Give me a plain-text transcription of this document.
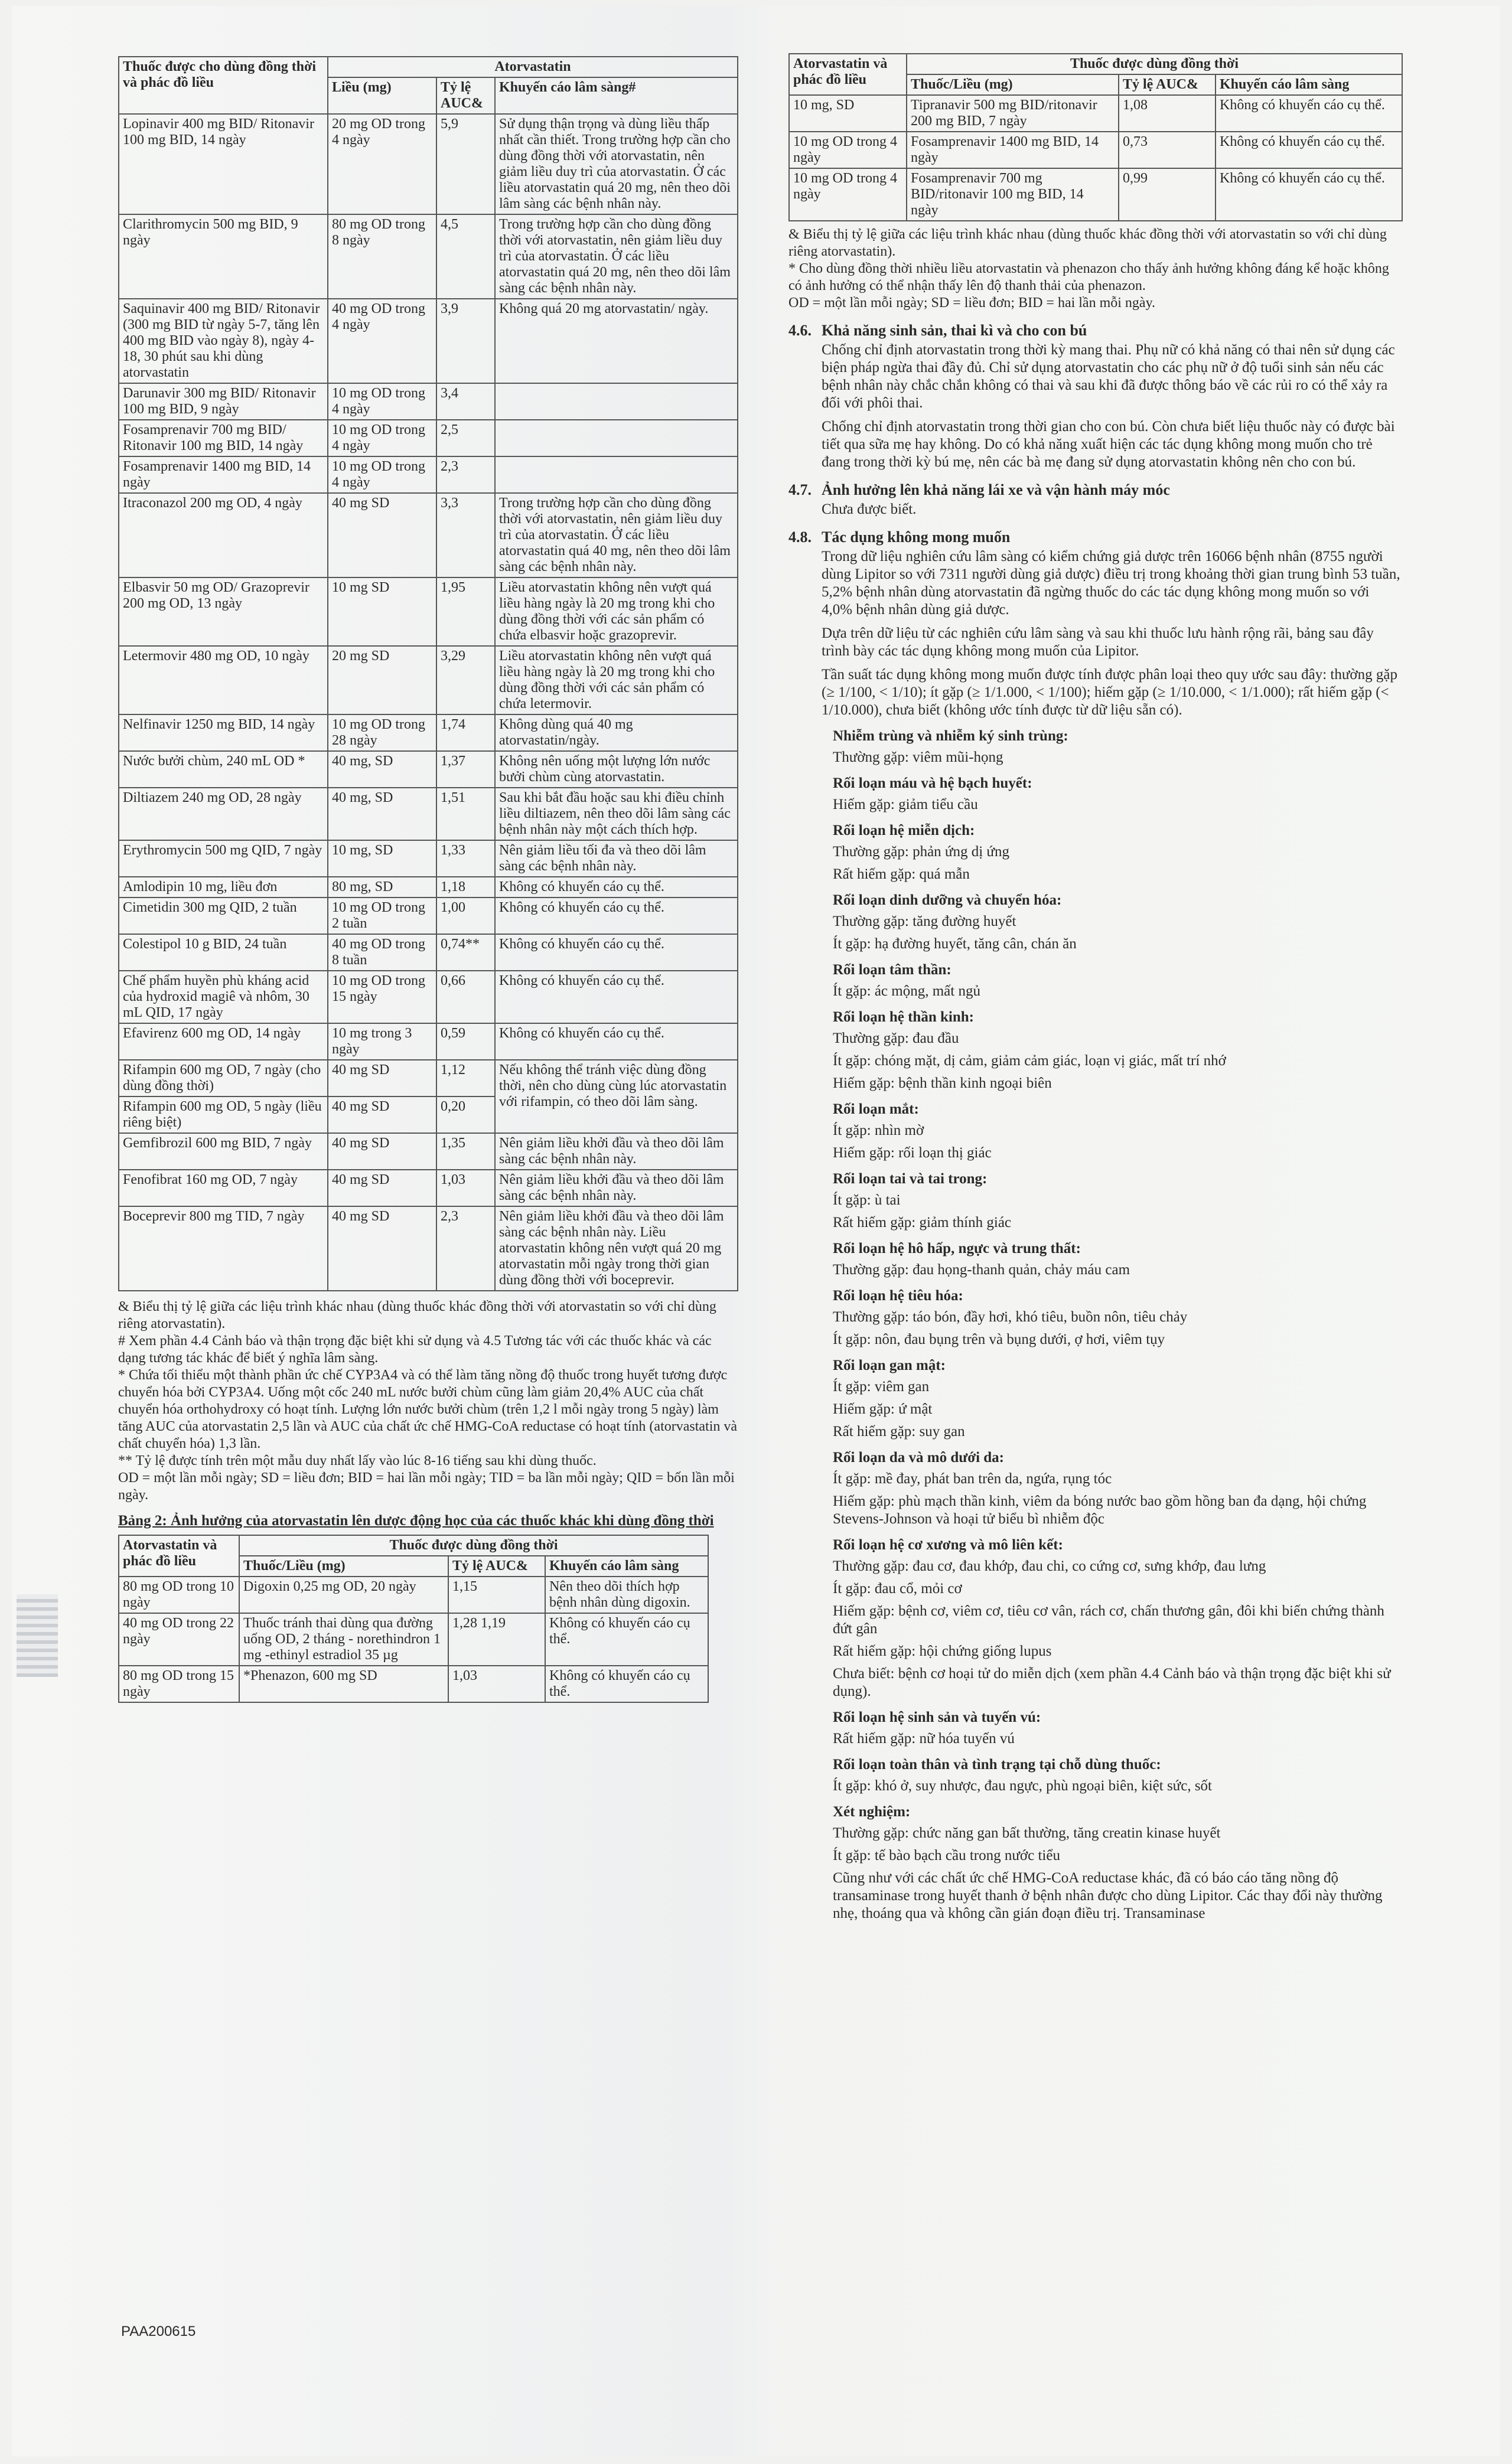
Thuốc được cho dùng đồng thời và phác đồ liều	Atorvastatin		
	Liều (mg)	Tỷ lệ AUC&	Khuyến cáo lâm sàng#
Lopinavir 400 mg BID/ Ritonavir 100 mg BID, 14 ngày	20 mg OD trong 4 ngày	5,9	Sử dụng thận trọng và dùng liều thấp nhất cần thiết. Trong trường hợp cần cho dùng đồng thời với atorvastatin, nên giảm liều duy trì của atorvastatin. Ở các liều atorvastatin quá 20 mg, nên theo dõi lâm sàng các bệnh nhân này.
Clarithromycin 500 mg BID, 9 ngày	80 mg OD trong 8 ngày	4,5	Trong trường hợp cần cho dùng đồng thời với atorvastatin, nên giảm liều duy trì của atorvastatin. Ở các liều atorvastatin quá 20 mg, nên theo dõi lâm sàng các bệnh nhân này.
Saquinavir 400 mg BID/ Ritonavir (300 mg BID từ ngày 5-7, tăng lên 400 mg BID vào ngày 8), ngày 4-18, 30 phút sau khi dùng atorvastatin	40 mg OD trong 4 ngày	3,9	Không quá 20 mg atorvastatin/ ngày.
Darunavir 300 mg BID/ Ritonavir 100 mg BID, 9 ngày	10 mg OD trong 4 ngày	3,4	
Fosamprenavir 700 mg BID/ Ritonavir 100 mg BID, 14 ngày	10 mg OD trong 4 ngày	2,5	
Fosamprenavir 1400 mg BID, 14 ngày	10 mg OD trong 4 ngày	2,3	
Itraconazol 200 mg OD, 4 ngày	40 mg SD	3,3	Trong trường hợp cần cho dùng đồng thời với atorvastatin, nên giảm liều duy trì của atorvastatin. Ở các liều atorvastatin quá 40 mg, nên theo dõi lâm sàng các bệnh nhân này.
Elbasvir 50 mg OD/ Grazoprevir 200 mg OD, 13 ngày	10 mg SD	1,95	Liều atorvastatin không nên vượt quá liều hàng ngày là 20 mg trong khi cho dùng đồng thời với các sản phẩm có chứa elbasvir hoặc grazoprevir.
Letermovir 480 mg OD, 10 ngày	20 mg SD	3,29	Liều atorvastatin không nên vượt quá liều hàng ngày là 20 mg trong khi cho dùng đồng thời với các sản phẩm có chứa letermovir.
Nelfinavir 1250 mg BID, 14 ngày	10 mg OD trong 28 ngày	1,74	Không dùng quá 40 mg atorvastatin/ngày.
Nước bưởi chùm, 240 mL OD *	40 mg, SD	1,37	Không nên uống một lượng lớn nước bưởi chùm cùng atorvastatin.
Diltiazem 240 mg OD, 28 ngày	40 mg, SD	1,51	Sau khi bắt đầu hoặc sau khi điều chỉnh liều diltiazem, nên theo dõi lâm sàng các bệnh nhân này một cách thích hợp.
Erythromycin 500 mg QID, 7 ngày	10 mg, SD	1,33	Nên giảm liều tối đa và theo dõi lâm sàng các bệnh nhân này.
Amlodipin 10 mg, liều đơn	80 mg, SD	1,18	Không có khuyến cáo cụ thể.
Cimetidin 300 mg QID, 2 tuần	10 mg OD trong 2 tuần	1,00	Không có khuyến cáo cụ thể.
Colestipol 10 g BID, 24 tuần	40 mg OD trong 8 tuần	0,74**	Không có khuyến cáo cụ thể.
Chế phẩm huyền phù kháng acid của hydroxid magiê và nhôm, 30 mL QID, 17 ngày	10 mg OD trong 15 ngày	0,66	Không có khuyến cáo cụ thể.
Efavirenz 600 mg OD, 14 ngày	10 mg trong 3 ngày	0,59	Không có khuyến cáo cụ thể.
Rifampin 600 mg OD, 7 ngày (cho dùng đồng thời)	40 mg SD	1,12	Nếu không thể tránh việc dùng đồng thời, nên cho dùng cùng lúc atorvastatin với rifampin, có theo dõi lâm sàng.
Rifampin 600 mg OD, 5 ngày (liều riêng biệt)	40 mg SD	0,20	
Gemfibrozil 600 mg BID, 7 ngày	40 mg SD	1,35	Nên giảm liều khởi đầu và theo dõi lâm sàng các bệnh nhân này.
Fenofibrat 160 mg OD, 7 ngày	40 mg SD	1,03	Nên giảm liều khởi đầu và theo dõi lâm sàng các bệnh nhân này.
Boceprevir 800 mg TID, 7 ngày	40 mg SD	2,3	Nên giảm liều khởi đầu và theo dõi lâm sàng các bệnh nhân này. Liều atorvastatin không nên vượt quá 20 mg atorvastatin mỗi ngày trong thời gian dùng đồng thời với boceprevir.

& Biểu thị tỷ lệ giữa các liệu trình khác nhau (dùng thuốc khác đồng thời với atorvastatin so với chỉ dùng riêng atorvastatin).

# Xem phần 4.4 Cảnh báo và thận trọng đặc biệt khi sử dụng và 4.5 Tương tác với các thuốc khác và các dạng tương tác khác để biết ý nghĩa lâm sàng.

* Chứa tối thiểu một thành phần ức chế CYP3A4 và có thể làm tăng nồng độ thuốc trong huyết tương được chuyển hóa bởi CYP3A4. Uống một cốc 240 mL nước bưởi chùm cũng làm giảm 20,4% AUC của chất chuyển hóa orthohydroxy có hoạt tính. Lượng lớn nước bưởi chùm (trên 1,2 l mỗi ngày trong 5 ngày) làm tăng AUC của atorvastatin 2,5 lần và AUC của chất ức chế HMG-CoA reductase có hoạt tính (atorvastatin và chất chuyển hóa) 1,3 lần.

** Tỷ lệ được tính trên một mẫu duy nhất lấy vào lúc 8-16 tiếng sau khi dùng thuốc.

OD = một lần mỗi ngày; SD = liều đơn; BID = hai lần mỗi ngày; TID = ba lần mỗi ngày; QID = bốn lần mỗi ngày.

Bảng 2: Ảnh hưởng của atorvastatin lên dược động học của các thuốc khác khi dùng đồng thời
Atorvastatin và phác đồ liều	Thuốc được dùng đồng thời		
	Thuốc/Liều (mg)	Tỷ lệ AUC&	Khuyến cáo lâm sàng
80 mg OD trong 10 ngày	Digoxin 0,25 mg OD, 20 ngày	1,15	Nên theo dõi thích hợp bệnh nhân dùng digoxin.
40 mg OD trong 22 ngày	Thuốc tránh thai dùng qua đường uống OD, 2 tháng - norethindron 1 mg -ethinyl estradiol 35 µg	1,28 1,19	Không có khuyến cáo cụ thể.
80 mg OD trong 15 ngày	*Phenazon, 600 mg SD	1,03	Không có khuyến cáo cụ thể.
Atorvastatin và phác đồ liều	Thuốc được dùng đồng thời		
	Thuốc/Liều (mg)	Tỷ lệ AUC&	Khuyến cáo lâm sàng
10 mg, SD	Tipranavir 500 mg BID/ritonavir 200 mg BID, 7 ngày	1,08	Không có khuyến cáo cụ thể.
10 mg OD trong 4 ngày	Fosamprenavir 1400 mg BID, 14 ngày	0,73	Không có khuyến cáo cụ thể.
10 mg OD trong 4 ngày	Fosamprenavir 700 mg BID/ritonavir 100 mg BID, 14 ngày	0,99	Không có khuyến cáo cụ thể.

& Biểu thị tỷ lệ giữa các liệu trình khác nhau (dùng thuốc khác đồng thời với atorvastatin so với chỉ dùng riêng atorvastatin).

* Cho dùng đồng thời nhiều liều atorvastatin và phenazon cho thấy ảnh hưởng không đáng kể hoặc không có ảnh hưởng có thể nhận thấy lên độ thanh thải của phenazon.

OD = một lần mỗi ngày; SD = liều đơn; BID = hai lần mỗi ngày.

4.6. Khả năng sinh sản, thai kì và cho con bú

Chống chỉ định atorvastatin trong thời kỳ mang thai. Phụ nữ có khả năng có thai nên sử dụng các biện pháp ngừa thai đầy đủ. Chỉ sử dụng atorvastatin cho các phụ nữ ở độ tuổi sinh sản nếu các bệnh nhân này chắc chắn không có thai và sau khi đã được thông báo về các rủi ro có thể xảy ra đối với phôi thai.

Chống chỉ định atorvastatin trong thời gian cho con bú. Còn chưa biết liệu thuốc này có được bài tiết qua sữa mẹ hay không. Do có khả năng xuất hiện các tác dụng không mong muốn cho trẻ đang trong thời kỳ bú mẹ, nên các bà mẹ đang sử dụng atorvastatin không nên cho con bú.

4.7. Ảnh hưởng lên khả năng lái xe và vận hành máy móc

Chưa được biết.

4.8. Tác dụng không mong muốn

Trong dữ liệu nghiên cứu lâm sàng có kiểm chứng giả dược trên 16066 bệnh nhân (8755 người dùng Lipitor so với 7311 người dùng giả dược) điều trị trong khoảng thời gian trung bình 53 tuần, 5,2% bệnh nhân dùng atorvastatin đã ngừng thuốc do các tác dụng không mong muốn so với 4,0% bệnh nhân dùng giả dược.

Dựa trên dữ liệu từ các nghiên cứu lâm sàng và sau khi thuốc lưu hành rộng rãi, bảng sau đây trình bày các tác dụng không mong muốn của Lipitor.

Tần suất tác dụng không mong muốn được tính được phân loại theo quy ước sau đây: thường gặp (≥ 1/100, < 1/10); ít gặp (≥ 1/1.000, < 1/100); hiếm gặp (≥ 1/10.000, < 1/1.000); rất hiếm gặp (< 1/10.000), chưa biết (không ước tính được từ dữ liệu sẵn có).

Nhiễm trùng và nhiễm ký sinh trùng:
Thường gặp: viêm mũi-họng
Rối loạn máu và hệ bạch huyết:
Hiếm gặp: giảm tiểu cầu
Rối loạn hệ miễn dịch:
Thường gặp: phản ứng dị ứng
Rất hiếm gặp: quá mẫn
Rối loạn dinh dưỡng và chuyển hóa:
Thường gặp: tăng đường huyết
Ít gặp: hạ đường huyết, tăng cân, chán ăn
Rối loạn tâm thần:
Ít gặp: ác mộng, mất ngủ
Rối loạn hệ thần kinh:
Thường gặp: đau đầu
Ít gặp: chóng mặt, dị cảm, giảm cảm giác, loạn vị giác, mất trí nhớ
Hiếm gặp: bệnh thần kinh ngoại biên
Rối loạn mắt:
Ít gặp: nhìn mờ
Hiếm gặp: rối loạn thị giác
Rối loạn tai và tai trong:
Ít gặp: ù tai
Rất hiếm gặp: giảm thính giác
Rối loạn hệ hô hấp, ngực và trung thất:
Thường gặp: đau họng-thanh quản, chảy máu cam
Rối loạn hệ tiêu hóa:
Thường gặp: táo bón, đầy hơi, khó tiêu, buồn nôn, tiêu chảy
Ít gặp: nôn, đau bụng trên và bụng dưới, ợ hơi, viêm tụy
Rối loạn gan mật:
Ít gặp: viêm gan
Hiếm gặp: ứ mật
Rất hiếm gặp: suy gan
Rối loạn da và mô dưới da:
Ít gặp: mề đay, phát ban trên da, ngứa, rụng tóc
Hiếm gặp: phù mạch thần kinh, viêm da bóng nước bao gồm hồng ban đa dạng, hội chứng Stevens-Johnson và hoại tử biểu bì nhiễm độc
Rối loạn hệ cơ xương và mô liên kết:
Thường gặp: đau cơ, đau khớp, đau chi, co cứng cơ, sưng khớp, đau lưng
Ít gặp: đau cổ, mỏi cơ
Hiếm gặp: bệnh cơ, viêm cơ, tiêu cơ vân, rách cơ, chấn thương gân, đôi khi biến chứng thành đứt gân
Rất hiếm gặp: hội chứng giống lupus
Chưa biết: bệnh cơ hoại tử do miễn dịch (xem phần 4.4 Cảnh báo và thận trọng đặc biệt khi sử dụng).
Rối loạn hệ sinh sản và tuyến vú:
Rất hiếm gặp: nữ hóa tuyến vú
Rối loạn toàn thân và tình trạng tại chỗ dùng thuốc:
Ít gặp: khó ở, suy nhược, đau ngực, phù ngoại biên, kiệt sức, sốt
Xét nghiệm:
Thường gặp: chức năng gan bất thường, tăng creatin kinase huyết
Ít gặp: tế bào bạch cầu trong nước tiểu

Cũng như với các chất ức chế HMG-CoA reductase khác, đã có báo cáo tăng nồng độ transaminase trong huyết thanh ở bệnh nhân được cho dùng Lipitor. Các thay đổi này thường nhẹ, thoáng qua và không cần gián đoạn điều trị. Transaminase

PAA200615
